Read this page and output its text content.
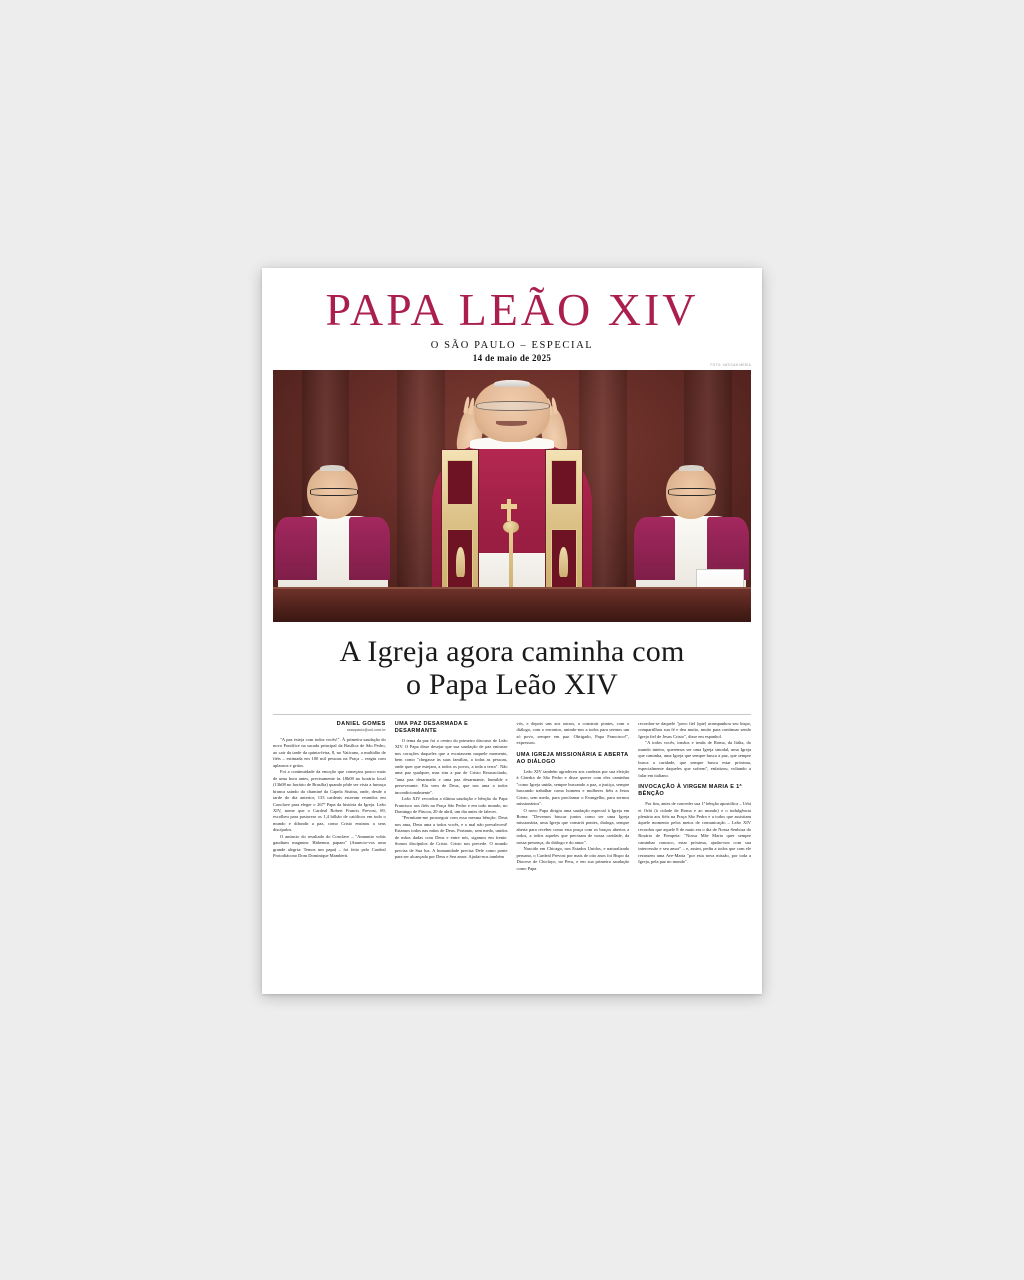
PAPA LEÃO XIV
O SÃO PAULO – ESPECIAL
14 de maio de 2025
FOTO: VATICAN MEDIA
A Igreja agora caminha com
o Papa Leão XIV
DANIEL GOMES
osaopaulo@uol.com.br

"A paz esteja com todos vocês!". À primeira saudação do novo Pontífice na sacada principal da Basílica de São Pedro, ao cair da tarde da quinta-feira, 8, no Vaticano, a multidão de fiéis – estimada em 100 mil pessoas na Praça – reagiu com aplausos e gritos.

Foi a continuidade da emoção que começara pouco mais de uma hora antes, precisamente às 18h08 no horário local (13h08 no horário de Brasília) quando pôde ser vista a fumaça branca saindo da chaminé da Capela Sistina, onde, desde a tarde do dia anterior, 133 cardeais estavam reunidos em Conclave para eleger o 267º Papa da história da Igreja. Leão XIV, nome que o Cardeal Robert Francis Prevost, 69, escolheu para pastorear os 1,4 bilhão de católicos em todo o mundo e difundir a paz, como Cristo ensinou a seus discípulos.

O anúncio do resultado do Conclave – "Annuntio vobis gaudium magnum: Habemus papam" (Anuncio-vos uma grande alegria: Temos um papa) – foi feito pelo Cardeal Protodiácono Dom Dominique Mamberti.

UMA PAZ DESARMADA E DESARMANTE

O tema da paz foi o centro do primeiro discurso de Leão XIV. O Papa disse desejar que sua saudação de paz entrasse nos corações daqueles que a escutassem naquele momento, bem como "chegasse às suas famílias, a todas as pessoas, onde quer que estejam, a todos os povos, a toda a terra". Não uma paz qualquer, mas sim a paz de Cristo Ressuscitado, "uma paz desarmada e uma paz desarmante, humilde e perseverante. Ela vem de Deus, que nos ama a todos incondicionalmente".

Leão XIV recordou a última saudação e bênção do Papa Francisco aos fiéis na Praça São Pedro e em todo mundo, no Domingo de Páscoa, 20 de abril, um dia antes de falecer.

"Permitam-me prosseguir com essa mesma bênção: Deus nos ama, Deus ama a todos vocês, e o mal não prevalecerá! Estamos todos nas mãos de Deus. Portanto, sem medo, unidos de mãos dadas com Deus e entre nós, sigamos em frente. Somos discípulos de Cristo. Cristo nos precede. O mundo precisa de Sua luz. A humanidade precisa Dele como ponte para ser alcançada por Deus e Seu amor. Ajudai-nos também

vós, e depois uns aos outros, a construir pontes, com o diálogo, com o encontro, unindo-nos a todos para sermos um só povo, sempre em paz. Obrigado, Papa Francisco!", expressou.

UMA IGREJA MISSIONÁRIA E ABERTA AO DIÁLOGO

Leão XIV também agradeceu aos cardeais por sua eleição à Cátedra de São Pedro e disse querer com eles caminhar "como Igreja unida, sempre buscando a paz, a justiça, sempre buscando trabalhar como homens e mulheres fiéis a Jesus Cristo, sem medo, para proclamar o Evangelho, para sermos missionários".

O novo Papa dirigiu uma saudação especial à Igreja em Roma: "Devemos buscar juntos como ser uma Igreja missionária, uma Igreja que constrói pontes, dialoga, sempre aberta para receber como esta praça com os braços abertos a todos, a todos aqueles que precisam de nossa caridade, da nossa presença, do diálogo e do amor".

Nascido em Chicago, nos Estados Unidos, e naturalizado peruano, o Cardeal Prevost por mais de oito anos foi Bispo da Diocese de Chiclayo, no Peru, e em sua primeira saudação como Papa

recordou-se daquele "povo fiel [que] acompanhou seu bispo, compartilhou sua fé e deu muito, muito para continuar sendo Igreja fiel de Jesus Cristo", disse em espanhol.

"A todos vocês, irmãos e irmãs de Roma, da Itália, do mundo inteiro, queremos ser uma Igreja sinodal, uma Igreja que caminha, uma Igreja que sempre busca a paz, que sempre busca a caridade, que sempre busca estar próxima, especialmente daqueles que sofrem", enfatizou, voltando a falar em italiano.

INVOCAÇÃO À VIRGEM MARIA E 1ª BÊNÇÃO

Por fim, antes de conceder sua 1ª bênção apostólica – Urbi et Orbi (à cidade de Roma e ao mundo) e o indulgência plenária aos fiéis na Praça São Pedro e a todos que assistiam àquele momento pelos meios de comunicação – Leão XIV recordou que aquele 8 de maio era o dia de Nossa Senhora do Rosário de Pompeia: "Nossa Mãe Maria quer sempre caminhar conosco, estar próxima, ajudar-nos com sua intercessão e seu amor" – e, assim, pediu a todos que com ele rezassem uma Ave-Maria "por esta nova missão, por toda a Igreja, pela paz no mundo".
